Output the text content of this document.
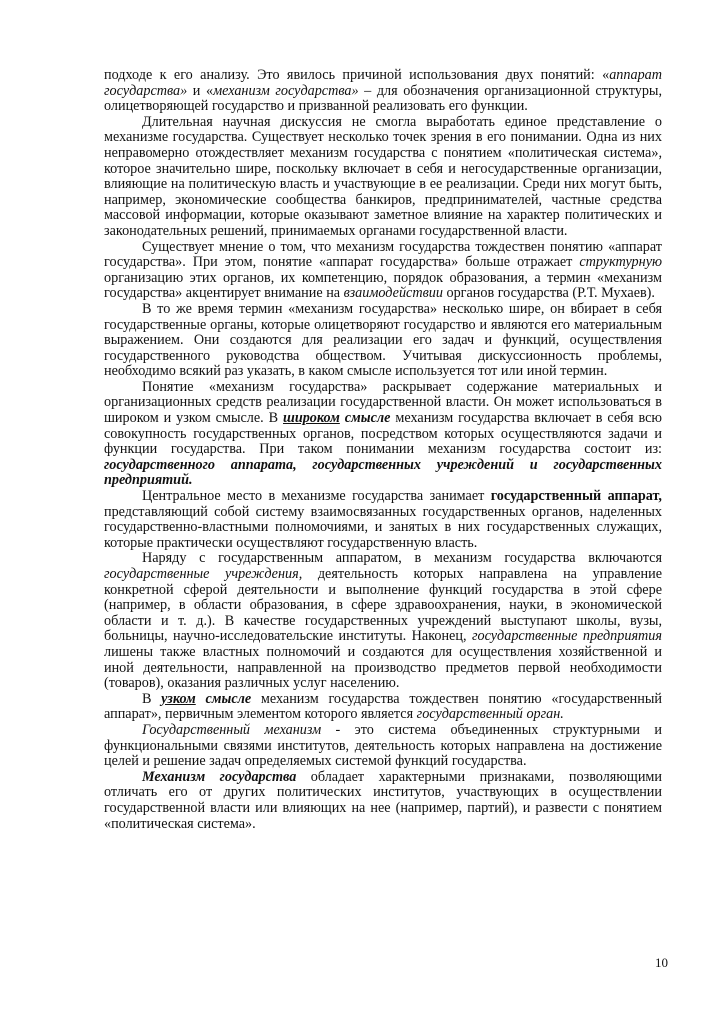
подходе к его анализу. Это явилось причиной использования двух понятий: «аппарат государства» и «механизм государства» – для обозначения организационной структуры, олицетворяющей государство и призванной реализовать его функции.

Длительная научная дискуссия не смогла выработать единое представление о механизме государства. Существует несколько точек зрения в его понимании. Одна из них неправомерно отождествляет механизм государства с понятием «политическая система», которое значительно шире, поскольку включает в себя и негосударственные организации, влияющие на политическую власть и участвующие в ее реализации. Среди них могут быть, например, экономические сообщества банкиров, предпринимателей, частные средства массовой информации, которые оказывают заметное влияние на характер политических и законодательных решений, принимаемых органами государственной власти.

Существует мнение о том, что механизм государства тождествен понятию «аппарат государства». При этом, понятие «аппарат государства» больше отражает структурную организацию этих органов, их компетенцию, порядок образования, а термин «механизм государства» акцентирует внимание на взаимодействии органов государства (Р.Т. Мухаев).

В то же время термин «механизм государства» несколько шире, он вбирает в себя государственные органы, которые олицетворяют государство и являются его материальным выражением. Они создаются для реализации его задач и функций, осуществления государственного руководства обществом. Учитывая дискуссионность проблемы, необходимо всякий раз указать, в каком смысле используется тот или иной термин.

Понятие «механизм государства» раскрывает содержание материальных и организационных средств реализации государственной власти. Он может использоваться в широком и узком смысле. В широком смысле механизм государства включает в себя всю совокупность государственных органов, посредством которых осуществляются задачи и функции государства. При таком понимании механизм государства состоит из: государственного аппарата, государственных учреждений и государственных предприятий.

Центральное место в механизме государства занимает государственный аппарат, представляющий собой систему взаимосвязанных государственных органов, наделенных государственно-властными полномочиями, и занятых в них государственных служащих, которые практически осуществляют государственную власть.

Наряду с государственным аппаратом, в механизм государства включаются государственные учреждения, деятельность которых направлена на управление конкретной сферой деятельности и выполнение функций государства в этой сфере (например, в области образования, в сфере здравоохранения, науки, в экономической области и т. д.). В качестве государственных учреждений выступают школы, вузы, больницы, научно-исследовательские институты. Наконец, государственные предприятия лишены также властных полномочий и создаются для осуществления хозяйственной и иной деятельности, направленной на производство предметов первой необходимости (товаров), оказания различных услуг населению.

В узком смысле механизм государства тождествен понятию «государственный аппарат», первичным элементом которого является государственный орган.

Государственный механизм - это система объединенных структурными и функциональными связями институтов, деятельность которых направлена на достижение целей и решение задач определяемых системой функций государства.

Механизм государства обладает характерными признаками, позволяющими отличать его от других политических институтов, участвующих в осуществлении государственной власти или влияющих на нее (например, партий), и развести с понятием «политическая система».

10
